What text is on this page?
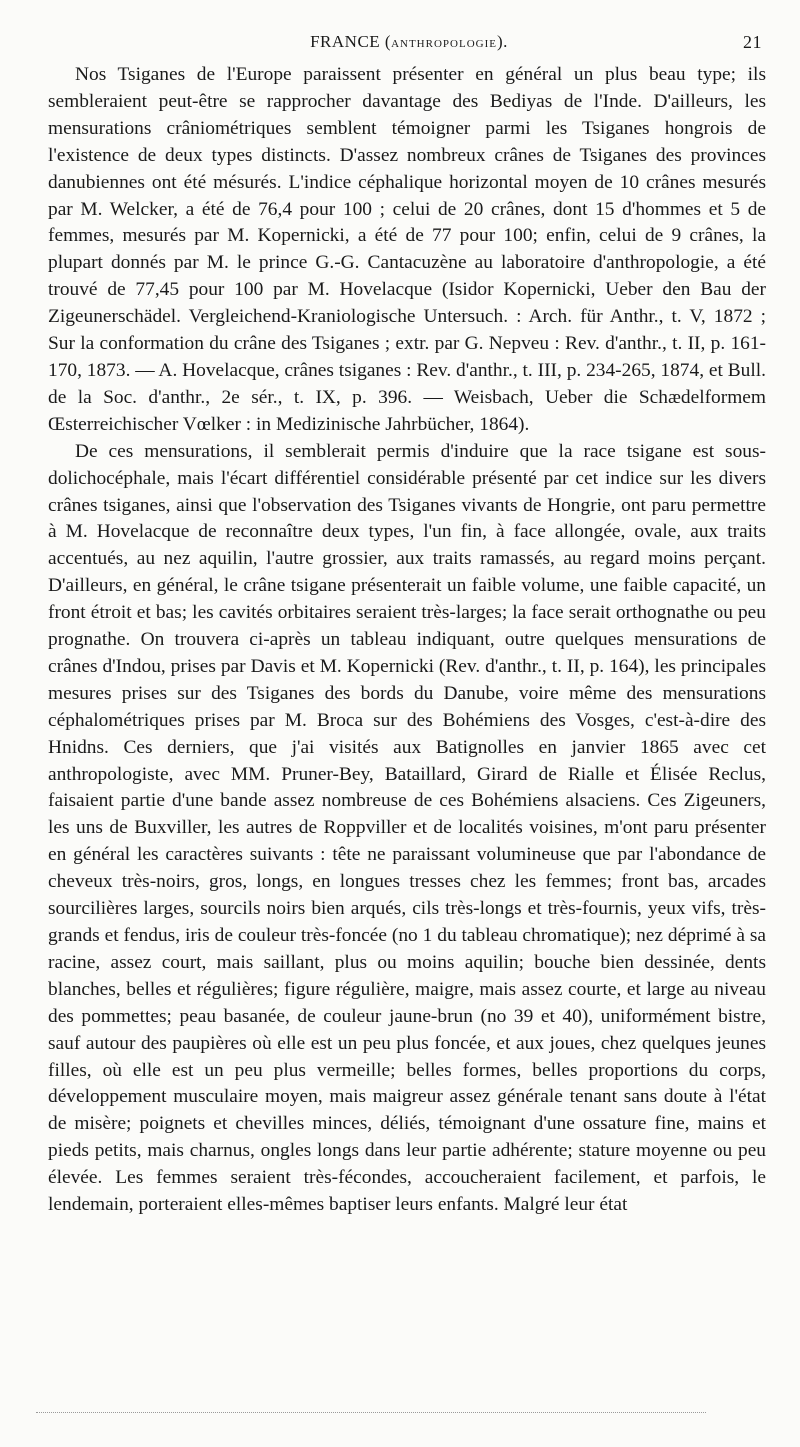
FRANCE (ANTHROPOLOGIE).	21

Nos Tsiganes de l'Europe paraissent présenter en général un plus beau type; ils sembleraient peut-être se rapprocher davantage des Bediyas de l'Inde. D'ailleurs, les mensurations crâniométriques semblent témoigner parmi les Tsiganes hongrois de l'existence de deux types distincts. D'assez nombreux crânes de Tsiganes des provinces danubiennes ont été mésurés. L'indice céphalique horizontal moyen de 10 crânes mesurés par M. Welcker, a été de 76,4 pour 100 ; celui de 20 crânes, dont 15 d'hommes et 5 de femmes, mesurés par M. Kopernicki, a été de 77 pour 100; enfin, celui de 9 crânes, la plupart donnés par M. le prince G.-G. Cantacuzène au laboratoire d'anthropologie, a été trouvé de 77,45 pour 100 par M. Hovelacque (Isidor Kopernicki, Ueber den Bau der Zigeunerschädel. Vergleichend-Kraniologische Untersuch. : Arch. für Anthr., t. V, 1872 ; Sur la conformation du crâne des Tsiganes ; extr. par G. Nepveu : Rev. d'anthr., t. II, p. 161-170, 1873. — A. Hovelacque, crânes tsiganes : Rev. d'anthr., t. III, p. 234-265, 1874, et Bull. de la Soc. d'anthr., 2e sér., t. IX, p. 396. — Weisbach, Ueber die Schædelformem Œsterreichischer Vœlker : in Medizinische Jahrbücher, 1864).

De ces mensurations, il semblerait permis d'induire que la race tsigane est sous-dolichocéphale, mais l'écart différentiel considérable présenté par cet indice sur les divers crânes tsiganes, ainsi que l'observation des Tsiganes vivants de Hongrie, ont paru permettre à M. Hovelacque de reconnaître deux types, l'un fin, à face allongée, ovale, aux traits accentués, au nez aquilin, l'autre grossier, aux traits ramassés, au regard moins perçant. D'ailleurs, en général, le crâne tsigane présenterait un faible volume, une faible capacité, un front étroit et bas; les cavités orbitaires seraient très-larges; la face serait orthognathe ou peu prognathe. On trouvera ci-après un tableau indiquant, outre quelques mensurations de crânes d'Indou, prises par Davis et M. Kopernicki (Rev. d'anthr., t. II, p. 164), les principales mesures prises sur des Tsiganes des bords du Danube, voire même des mensurations céphalométriques prises par M. Broca sur des Bohémiens des Vosges, c'est-à-dire des Hnidns. Ces derniers, que j'ai visités aux Batignolles en janvier 1865 avec cet anthropologiste, avec MM. Pruner-Bey, Bataillard, Girard de Rialle et Élisée Reclus, faisaient partie d'une bande assez nombreuse de ces Bohémiens alsaciens. Ces Zigeuners, les uns de Buxviller, les autres de Roppviller et de localités voisines, m'ont paru présenter en général les caractères suivants : tête ne paraissant volumineuse que par l'abondance de cheveux très-noirs, gros, longs, en longues tresses chez les femmes; front bas, arcades sourcilières larges, sourcils noirs bien arqués, cils très-longs et très-fournis, yeux vifs, très-grands et fendus, iris de couleur très-foncée (no 1 du tableau chromatique); nez déprimé à sa racine, assez court, mais saillant, plus ou moins aquilin; bouche bien dessinée, dents blanches, belles et régulières; figure régulière, maigre, mais assez courte, et large au niveau des pommettes; peau basanée, de couleur jaune-brun (no 39 et 40), uniformément bistre, sauf autour des paupières où elle est un peu plus foncée, et aux joues, chez quelques jeunes filles, où elle est un peu plus vermeille; belles formes, belles proportions du corps, développement musculaire moyen, mais maigreur assez générale tenant sans doute à l'état de misère; poignets et chevilles minces, déliés, témoignant d'une ossature fine, mains et pieds petits, mais charnus, ongles longs dans leur partie adhérente; stature moyenne ou peu élevée. Les femmes seraient très-fécondes, accoucheraient facilement, et parfois, le lendemain, porteraient elles-mêmes baptiser leurs enfants. Malgré leur état
